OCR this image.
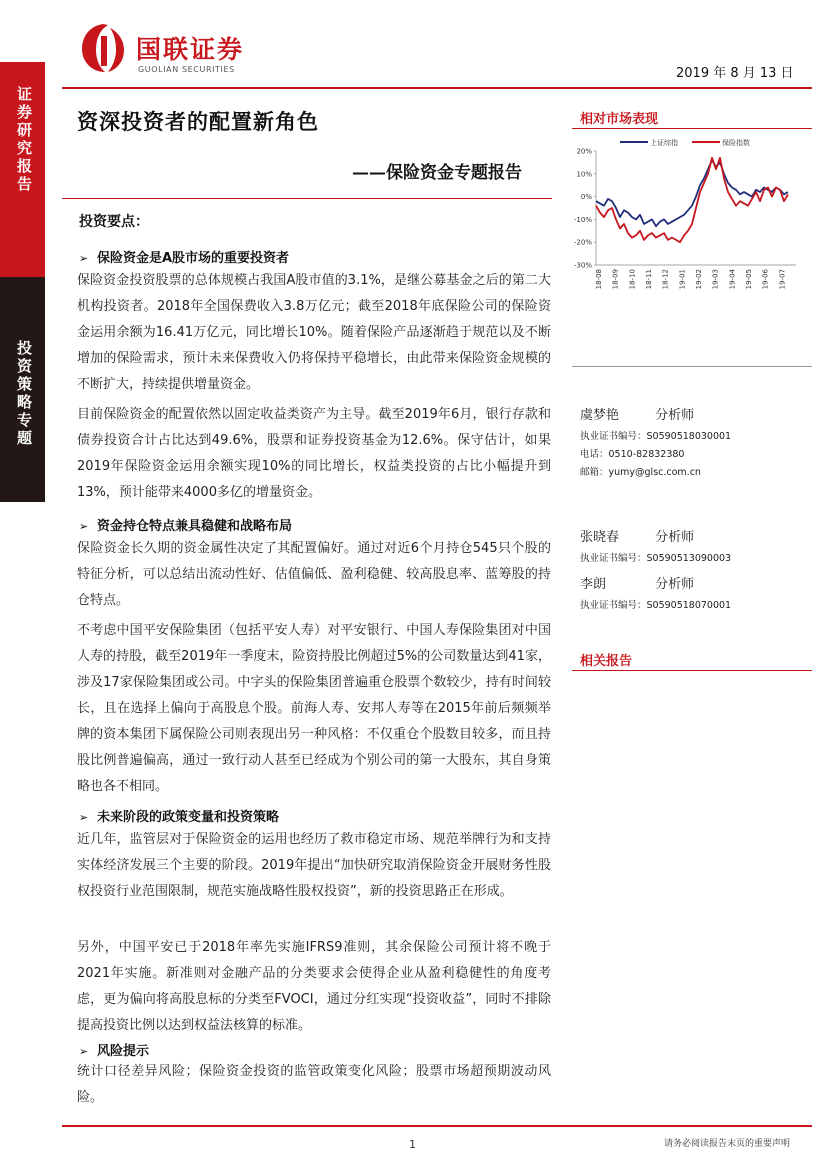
证券研究报告
投资策略专题
国联证券
GUOLIAN SECURITIES	2019 年 8 月 13 日
资深投资者的配置新角色
——保险资金专题报告
投资要点：
➢ 保险资金是A股市场的重要投资者

保险资金投资股票的总体规模占我国A股市值的3.1%，是继公募基金之后的第二大机构投资者。2018年全国保费收入3.8万亿元；截至2018年底保险公司的保险资金运用余额为16.41万亿元，同比增长10%。随着保险产品逐渐趋于规范以及不断增加的保险需求，预计未来保费收入仍将保持平稳增长，由此带来保险资金规模的不断扩大，持续提供增量资金。

目前保险资金的配置依然以固定收益类资产为主导。截至2019年6月，银行存款和债券投资合计占比达到49.6%，股票和证券投资基金为12.6%。保守估计，如果2019年保险资金运用余额实现10%的同比增长，权益类投资的占比小幅提升到13%，预计能带来4000多亿的增量资金。

➢ 资金持仓特点兼具稳健和战略布局

保险资金长久期的资金属性决定了其配置偏好。通过对近6个月持仓545只个股的特征分析，可以总结出流动性好、估值偏低、盈利稳健、较高股息率、蓝筹股的持仓特点。

不考虑中国平安保险集团（包括平安人寿）对平安银行、中国人寿保险集团对中国人寿的持股，截至2019年一季度末，险资持股比例超过5%的公司数量达到41家，涉及17家保险集团或公司。中字头的保险集团普遍重仓股票个数较少，持有时间较长，且在选择上偏向于高股息个股。前海人寿、安邦人寿等在2015年前后频频举牌的资本集团下属保险公司则表现出另一种风格：不仅重仓个股数目较多，而且持股比例普遍偏高，通过一致行动人甚至已经成为个别公司的第一大股东，其自身策略也各不相同。

➢ 未来阶段的政策变量和投资策略

近几年，监管层对于保险资金的运用也经历了救市稳定市场、规范举牌行为和支持实体经济发展三个主要的阶段。2019年提出“加快研究取消保险资金开展财务性股权投资行业范围限制，规范实施战略性股权投资”，新的投资思路正在形成。

另外，中国平安已于2018年率先实施IFRS9准则，其余保险公司预计将不晚于2021年实施。新准则对金融产品的分类要求会使得企业从盈利稳健性的角度考虑，更为偏向将高股息标的分类至FVOCI，通过分红实现“投资收益”，同时不排除提高投资比例以达到权益法核算的标准。

➢ 风险提示

统计口径差异风险；保险资金投资的监管政策变化风险；股票市场超预期波动风险。

相对市场表现
20%
10%
0%
-10%
-20%
-30%
上证综指	保险指数
18-08 18-09 18-10 18-11 18-12 19-01 19-02 19-03 19-04 19-05 19-06 19-07
虞梦艳	分析师
执业证书编号：S0590518030001
电话：0510-82832380
邮箱：yumy@glsc.com.cn
张晓春	分析师
执业证书编号：S0590513090003
李朗	分析师
执业证书编号：S0590518070001
相关报告
1	请务必阅读报告末页的重要声明
